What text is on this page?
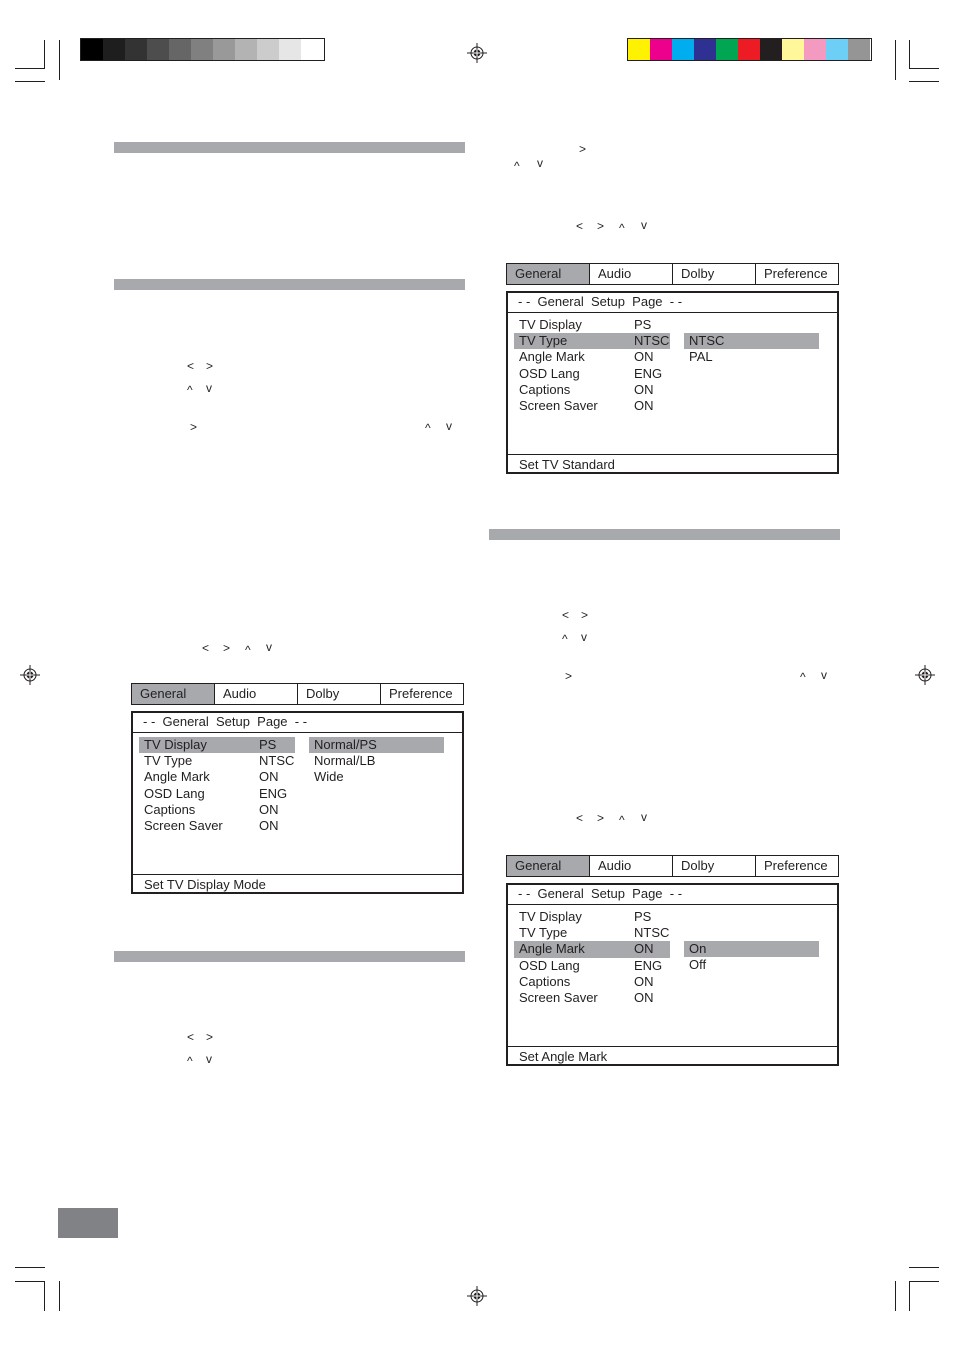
< >
^ v
>	^ v
< > ^ v
< >
^ v
>
^ v
< > ^ v
< >
^ v
>	^ v
< > ^ v
General	Audio	Dolby	Preference
- -  General  Setup  Page  - -
TV Display	PS
TV Type	NTSC
Angle Mark	ON
OSD Lang	ENG
Captions	ON
Screen Saver	ON
Normal/PS
Normal/LB
Wide
Set TV Display Mode
General	Audio	Dolby	Preference
- -  General  Setup  Page  - -
TV Display	PS
TV Type	NTSC
Angle Mark	ON
OSD Lang	ENG
Captions	ON
Screen Saver	ON
NTSC
PAL
Set TV Standard
General	Audio	Dolby	Preference
- -  General  Setup  Page  - -
TV Display	PS
TV Type	NTSC
Angle Mark	ON
OSD Lang	ENG
Captions	ON
Screen Saver	ON
On
Off
Set Angle Mark
